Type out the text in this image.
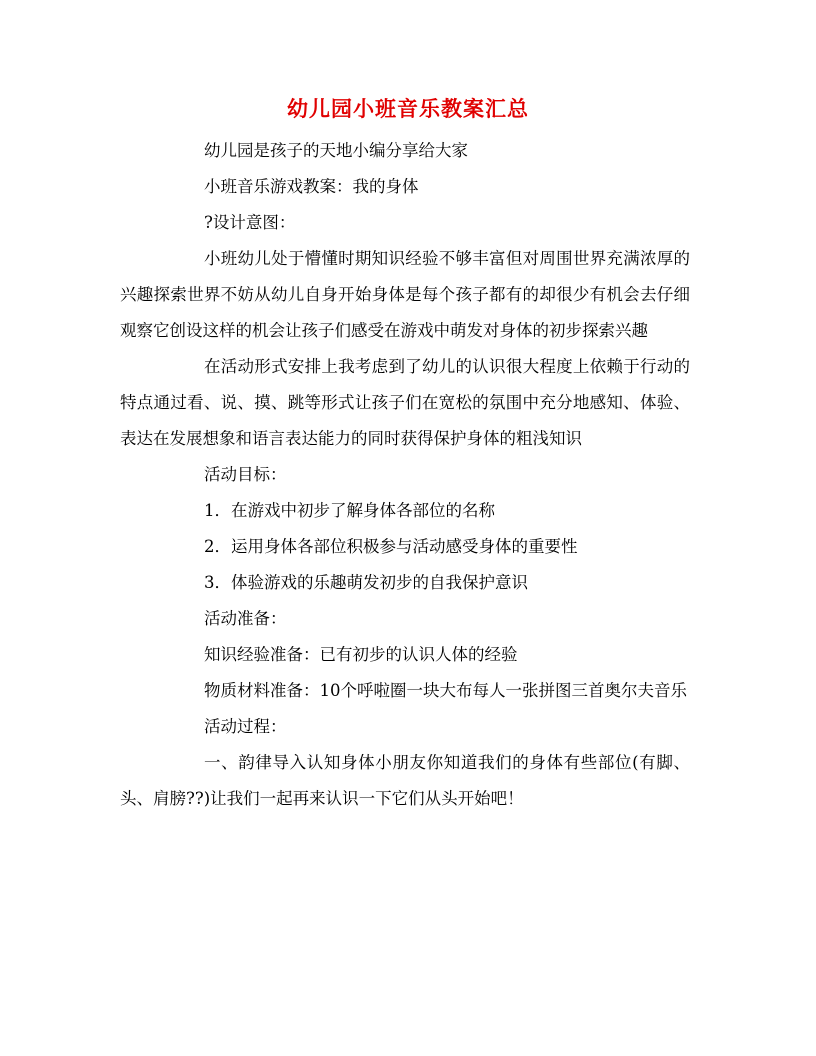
幼儿园小班音乐教案汇总

幼儿园是孩子的天地小编分享给大家

小班音乐游戏教案：我的身体

?设计意图：

小班幼儿处于懵懂时期知识经验不够丰富但对周围世界充满浓厚的兴趣探索世界不妨从幼儿自身开始身体是每个孩子都有的却很少有机会去仔细观察它创设这样的机会让孩子们感受在游戏中萌发对身体的初步探索兴趣

在活动形式安排上我考虑到了幼儿的认识很大程度上依赖于行动的特点通过看、说、摸、跳等形式让孩子们在宽松的氛围中充分地感知、体验、表达在发展想象和语言表达能力的同时获得保护身体的粗浅知识

活动目标：

1．在游戏中初步了解身体各部位的名称

2．运用身体各部位积极参与活动感受身体的重要性

3．体验游戏的乐趣萌发初步的自我保护意识

活动准备：

知识经验准备：已有初步的认识人体的经验

物质材料准备：10个呼啦圈一块大布每人一张拼图三首奥尔夫音乐

活动过程：

一、韵律导入认知身体小朋友你知道我们的身体有些部位(有脚、头、肩膀??)让我们一起再来认识一下它们从头开始吧！
